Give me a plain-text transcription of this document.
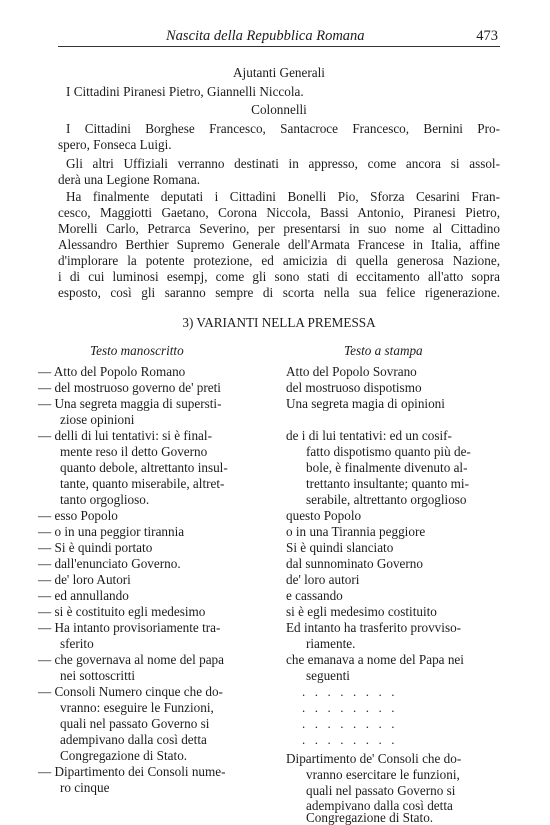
Nascita della Repubblica Romana	473
Ajutanti Generali
I Cittadini Piranesi Pietro, Giannelli Niccola.
Colonnelli
I Cittadini Borghese Francesco, Santacroce Francesco, Bernini Pro-
spero, Fonseca Luigi.
Gli altri Uffiziali verranno destinati in appresso, come ancora si assol-
derà una Legione Romana.
Ha finalmente deputati i Cittadini Bonelli Pio, Sforza Cesarini Fran-
cesco, Maggiotti Gaetano, Corona Niccola, Bassi Antonio, Piranesi Pietro,
Morelli Carlo, Petrarca Severino, per presentarsi in suo nome al Cittadino
Alessandro Berthier Supremo Generale dell'Armata Francese in Italia, affine
d'implorare la potente protezione, ed amicizia di quella generosa Nazione,
i di cui luminosi esempj, come gli sono stati di eccitamento all'atto sopra
esposto, così gli saranno sempre di scorta nella sua felice rigenerazione.
3) VARIANTI NELLA PREMESSA
Testo manoscritto	Testo a stampa
— Atto del Popolo Romano
— del mostruoso governo de' preti
— Una segreta maggia di supersti-
ziose opinioni
— delli di lui tentativi: si è final-
mente reso il detto Governo
quanto debole, altrettanto insul-
tante, quanto miserabile, altret-
tanto orgoglioso.
— esso Popolo
— o in una peggior tirannia
— Si è quindi portato
— dall'enunciato Governo.
— de' loro Autori
— ed annullando
— si è costituito egli medesimo
— Ha intanto provisoriamente tra-
sferito
— che governava al nome del papa
nei sottoscritti
— Consoli Numero cinque che do-
vranno: eseguire le Funzioni,
quali nel passato Governo si
adempivano dalla così detta
Congregazione di Stato.
— Dipartimento dei Consoli nume-
ro cinque
Atto del Popolo Sovrano
del mostruoso dispotismo
Una segreta magia di opinioni
de i di lui tentativi: ed un cosif-
fatto dispotismo quanto più de-
bole, è finalmente divenuto al-
trettanto insultante; quanto mi-
serabile, altrettanto orgoglioso
questo Popolo
o in una Tirannia peggiore
Si è quindi slanciato
dal sunnominato Governo
de' loro autori
e cassando
si è egli medesimo costituito
Ed intanto ha trasferito provviso-
riamente.
che emanava a nome del Papa nei
seguenti
........
........
........
........
Dipartimento de' Consoli che do-
vranno esercitare le funzioni,
quali nel passato Governo si
adempivano dalla così detta
Congregazione di Stato.
